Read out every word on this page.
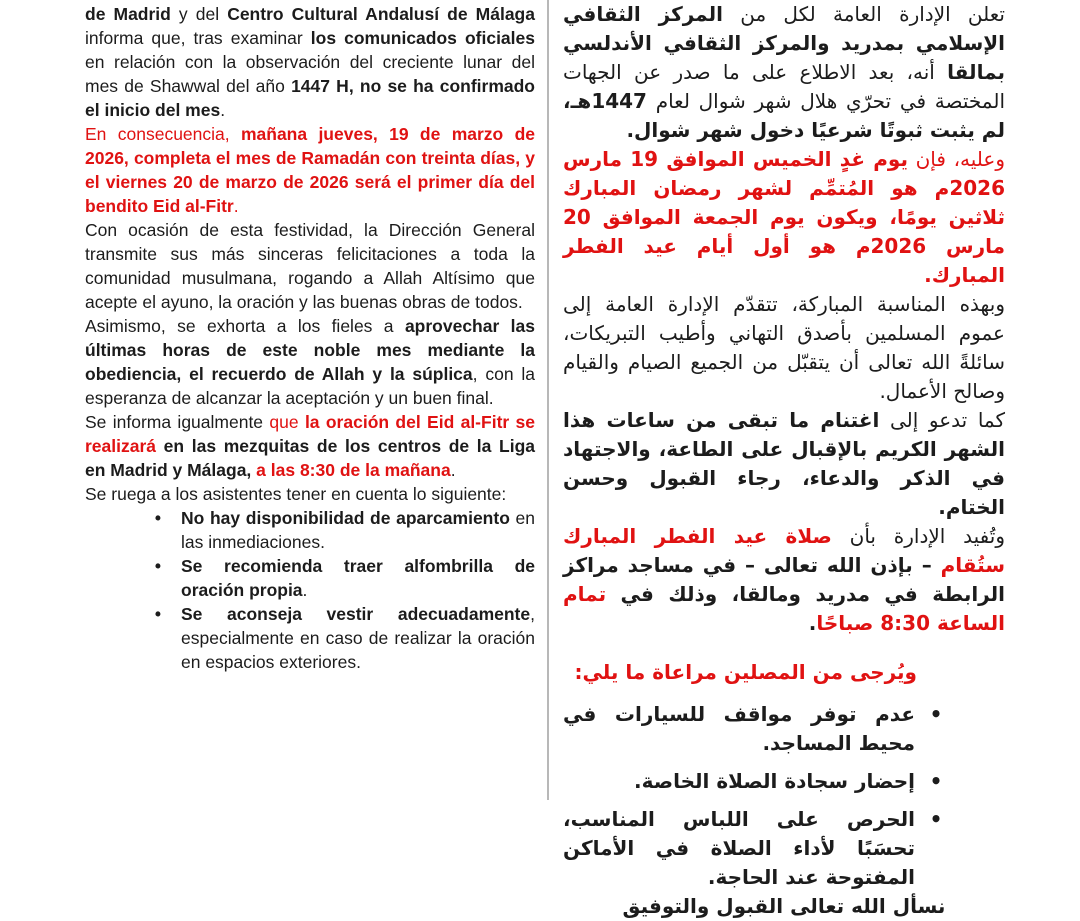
de Madrid y del Centro Cultural Andalusí de Málaga informa que, tras examinar los comunicados oficiales en relación con la observación del creciente lunar del mes de Shawwal del año 1447 H, no se ha confirmado el inicio del mes.

En consecuencia, mañana jueves, 19 de marzo de 2026, completa el mes de Ramadán con treinta días, y el viernes 20 de marzo de 2026 será el primer día del bendito Eid al-Fitr.

Con ocasión de esta festividad, la Dirección General transmite sus más sinceras felicitaciones a toda la comunidad musulmana, rogando a Allah Altísimo que acepte el ayuno, la oración y las buenas obras de todos.

Asimismo, se exhorta a los fieles a aprovechar las últimas horas de este noble mes mediante la obediencia, el recuerdo de Allah y la súplica, con la esperanza de alcanzar la aceptación y un buen final.

Se informa igualmente que la oración del Eid al-Fitr se realizará en las mezquitas de los centros de la Liga en Madrid y Málaga, a las 8:30 de la mañana.

Se ruega a los asistentes tener en cuenta lo siguiente:

•	No hay disponibilidad de aparcamiento en las inmediaciones.
•	Se recomienda traer alfombrilla de oración propia.
•	Se aconseja vestir adecuadamente, especialmente en caso de realizar la oración en espacios exteriores.

تعلن الإدارة العامة لكل من المركز الثقافي الإسلامي بمدريد والمركز الثقافي الأندلسي بمالقا أنه، بعد الاطلاع على ما صدر عن الجهات المختصة في تحرّي هلال شهر شوال لعام 1447هـ، لم يثبت ثبوتًا شرعيًا دخول شهر شوال.

وعليه، فإن يوم غدٍ الخميس الموافق 19 مارس 2026م هو المُتمِّم لشهر رمضان المبارك ثلاثين يومًا، ويكون يوم الجمعة الموافق 20 مارس 2026م هو أول أيام عيد الفطر المبارك.

وبهذه المناسبة المباركة، تتقدّم الإدارة العامة إلى عموم المسلمين بأصدق التهاني وأطيب التبريكات، سائلةً الله تعالى أن يتقبّل من الجميع الصيام والقيام وصالح الأعمال.

كما تدعو إلى اغتنام ما تبقى من ساعات هذا الشهر الكريم بالإقبال على الطاعة، والاجتهاد في الذكر والدعاء، رجاء القبول وحسن الختام.

وتُفيد الإدارة بأن صلاة عيد الفطر المبارك ستُقام – بإذن الله تعالى – في مساجد مراكز الرابطة في مدريد ومالقا، وذلك في تمام الساعة 8:30 صباحًا.

ويُرجى من المصلين مراعاة ما يلي:

•
عدم توفر مواقف للسيارات في محيط المساجد.
•
إحضار سجادة الصلاة الخاصة.
•
الحرص على اللباس المناسب، تحسَبًا لأداء الصلاة في الأماكن المفتوحة عند الحاجة.

نسأل الله تعالى القبول والتوفيق
